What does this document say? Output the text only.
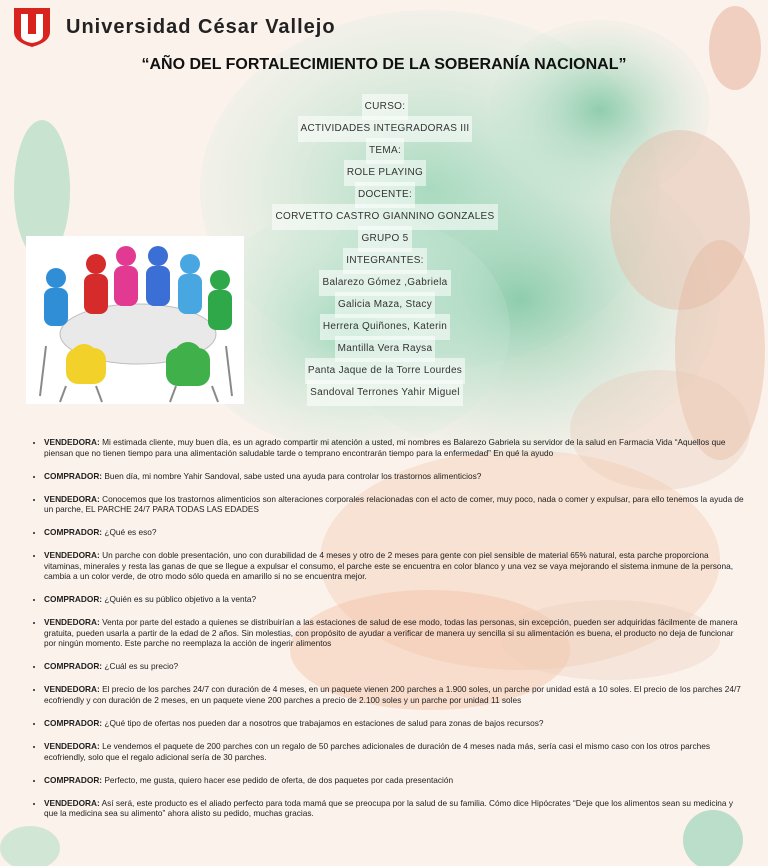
Universidad César Vallejo
“AÑO DEL FORTALECIMIENTO DE LA SOBERANÍA NACIONAL”
CURSO:
ACTIVIDADES INTEGRADORAS III
TEMA:
ROLE PLAYING
DOCENTE:
CORVETTO CASTRO GIANNINO GONZALES
GRUPO 5
INTEGRANTES:
Balarezo Gómez ,Gabriela
Galicia Maza, Stacy
Herrera Quiñones, Katerin
Mantilla Vera Raysa
Panta Jaque de la Torre Lourdes
Sandoval Terrones Yahir Miguel
• VENDEDORA: Mi estimada cliente, muy buen día, es un agrado compartir mi atención a usted, mi nombres es Balarezo Gabriela su servidor de la salud en Farmacia Vida “Aquellos que piensan que no tienen tiempo para una alimentación saludable tarde o temprano encontrarán tiempo para la enfermedad” En qué la ayudo
• COMPRADOR: Buen día, mi nombre Yahir Sandoval, sabe usted una ayuda para controlar los trastornos alimenticios?
• VENDEDORA: Conocemos que los trastornos alimenticios son alteraciones corporales relacionadas con el acto de comer, muy poco, nada o comer y expulsar, para ello tenemos la ayuda de un parche, EL PARCHE 24/7 PARA TODAS LAS EDADES
• COMPRADOR: ¿Qué es eso?
• VENDEDORA: Un parche con doble presentación, uno con durabilidad de 4 meses y otro de 2 meses para gente con piel sensible de material 65% natural, esta parche proporciona vitaminas, minerales y resta las ganas de que se llegue a expulsar el consumo, el parche este se encuentra en color blanco y una vez se vaya mejorando el sistema inmune de la persona, cambia a un color verde, de otro modo sólo queda en amarillo si no se encuentra mejor.
• COMPRADOR: ¿Quién es su público objetivo a la venta?
• VENDEDORA: Venta por parte del estado a quienes se distribuirían a las estaciones de salud de ese modo, todas las personas, sin excepción, pueden ser adquiridas fácilmente de manera gratuita, pueden usarla a partir de la edad de 2 años. Sin molestias, con propósito de ayudar a verificar de manera uy sencilla si su alimentación es buena, el producto no deja de funcionar por ningún momento. Este parche no reemplaza la acción de ingerir alimentos
• COMPRADOR: ¿Cuál es su precio?
• VENDEDORA: El precio de los parches 24/7 con duración de 4 meses, en un paquete vienen 200 parches a 1.900 soles, un parche por unidad está a 10 soles. El precio de los parches 24/7 ecofriendly y con duración de 2 meses, en un paquete viene 200 parches a precio de 2.100 soles y un parche por unidad 11 soles
• COMPRADOR: ¿Qué tipo de ofertas nos pueden dar a nosotros que trabajamos en estaciones de salud para zonas de bajos recursos?
• VENDEDORA: Le vendemos el paquete de 200 parches con un regalo de 50 parches adicionales de duración de 4 meses nada más, sería casi el mismo caso con los otros parches ecofriendly, solo que el regalo adicional sería de 30 parches.
• COMPRADOR: Perfecto, me gusta, quiero hacer ese pedido de oferta, de dos paquetes por cada presentación
• VENDEDORA: Así será, este producto es el aliado perfecto para toda mamá que se preocupa por la salud de su familia. Cómo dice Hipócrates “Deje que los alimentos sean su medicina y que la medicina sea su alimento” ahora alisto su pedido, muchas gracias.
